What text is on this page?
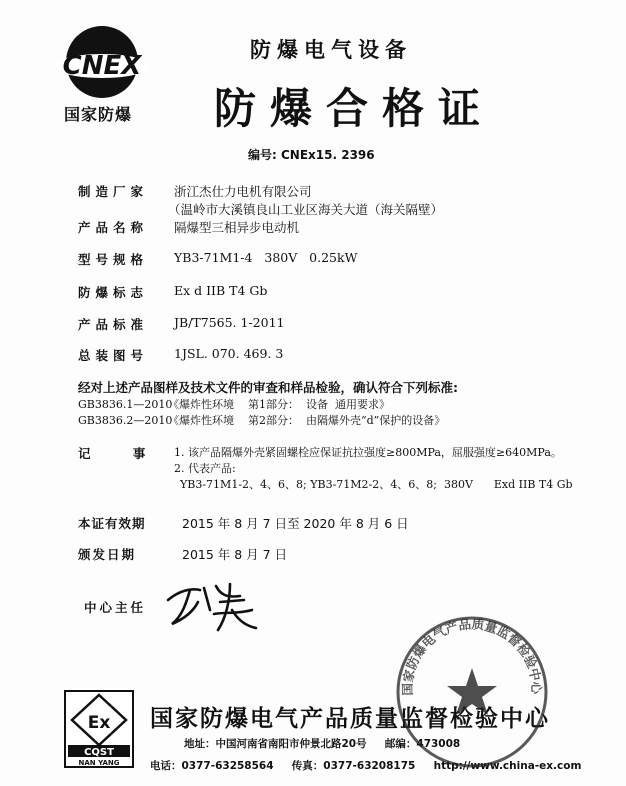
CNEX
国家防爆
防爆电气设备
防爆合格证
编号: CNEx15. 2396
制造厂家 浙江杰仕力电机有限公司
（温岭市大溪镇良山工业区海关大道（海关隔壁）
产品名称 隔爆型三相异步电动机
型号规格 YB3-71M1-4   380V   0.25kW
防爆标志 Ex d IIB T4 Gb
产品标准 JB/T7565. 1-2011
总装图号 1JSL. 070. 469. 3
经对上述产品图样及技术文件的审查和样品检验，确认符合下列标准:
GB3836.1—2010《爆炸性环境    第1部分：  设备  通用要求》
GB3836.2—2010《爆炸性环境    第2部分：  由隔爆外壳“d”保护的设备》
记    事 1. 该产品隔爆外壳紧固螺栓应保证抗拉强度≥800MPa，屈服强度≥640MPa。
2. 代表产品:
YB3-71M1-2、4、6、8; YB3-71M2-2、4、6、8;  380V      Exd IIB T4 Gb
本证有效期	2015 年 8 月 7 日至 2020 年 8 月 6 日
颁发日期	2015 年 8 月 7 日
中心主任
Ex
CQST
NAN YANG
国家防爆电气产品质量监督检验中心
地址：中国河南省南阳市仲景北路20号     邮编：473008
电话：0377-63258564     传真：0377-63208175     http://www.china-ex.com
国家防爆电气产品质量监督检验中心
